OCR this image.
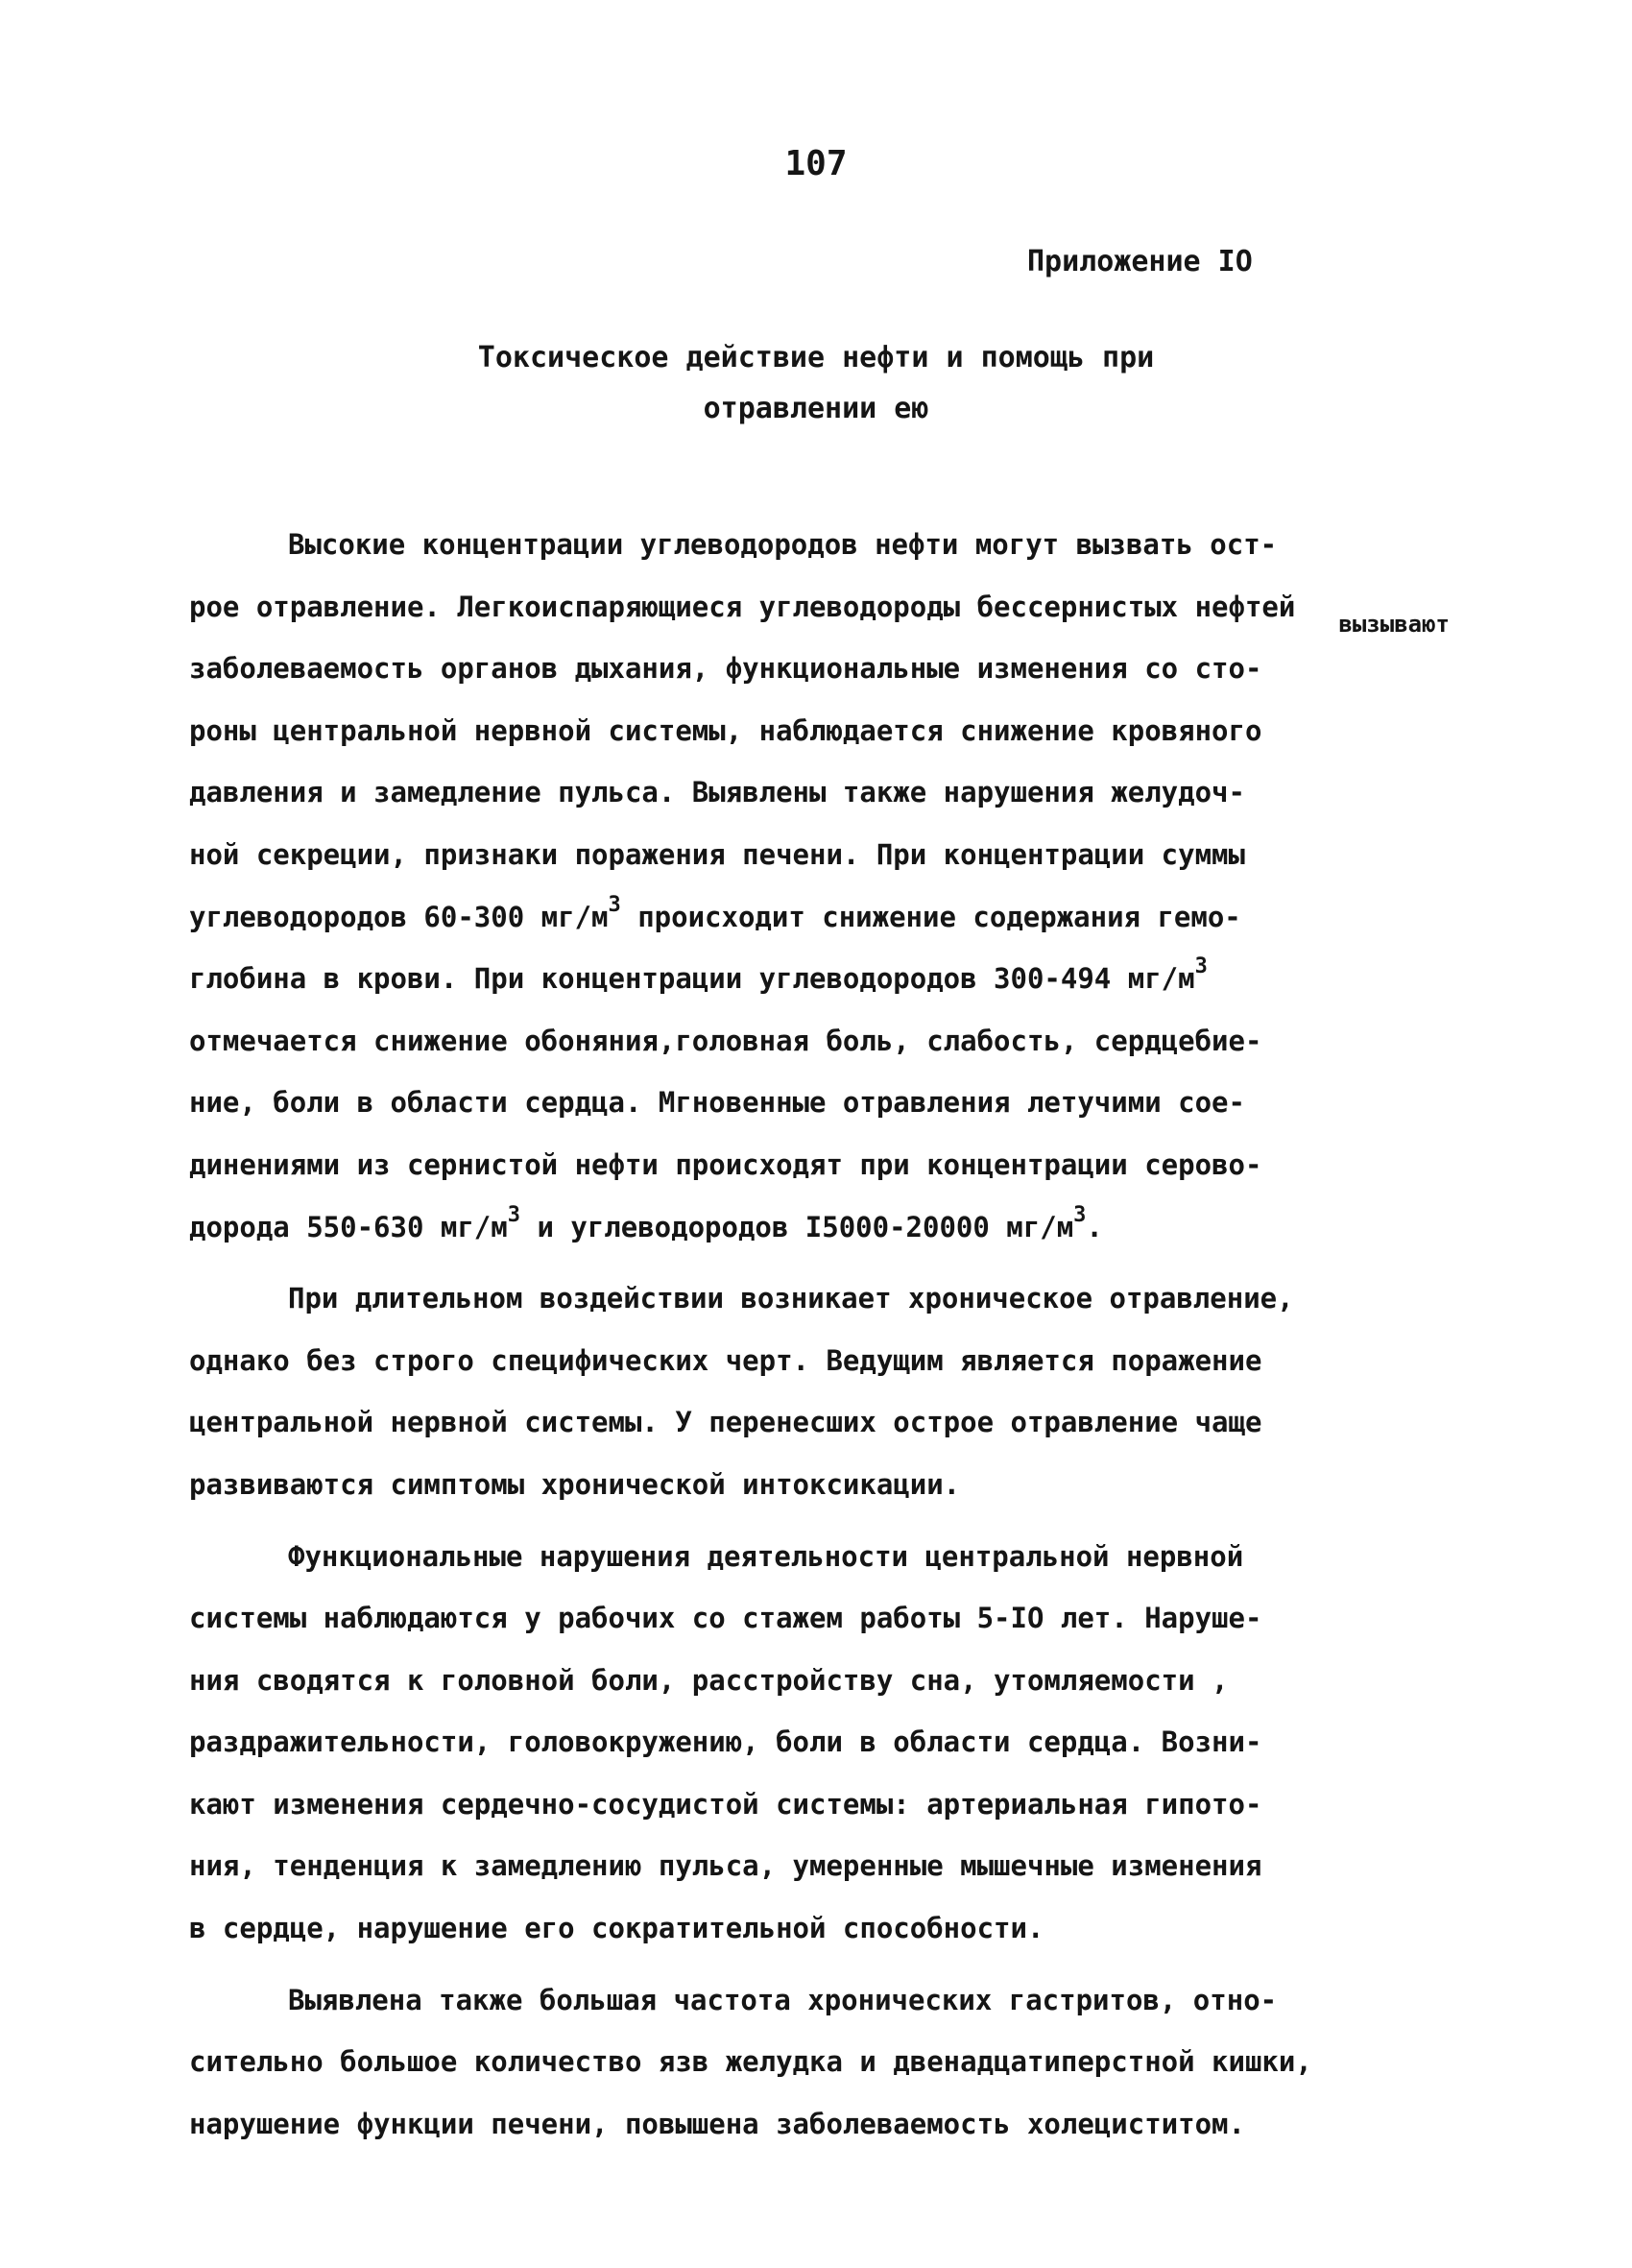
107
Приложение IO
Токсическое действие нефти и помощь при
отравлении ею
Высокие концентрации углеводородов нефти могут вызвать ост-
рое отравление. Легкоиспаряющиеся углеводороды бессернистых нефтей
заболеваемость органов дыхания, функциональные изменения со сто-
вызывают
роны центральной нервной системы, наблюдается снижение кровяного
давления и замедление пульса. Выявлены также нарушения желудоч-
ной секреции, признаки поражения печени. При концентрации суммы
углеводородов 60-300 $мг/м^3$ происходит снижение содержания гемо-
глобина в крови. При концентрации углеводородов 300-494 $мг/м^3$
отмечается снижение обоняния,головная боль, слабость, сердцебие-
ние, боли в области сердца. Мгновенные отравления летучими сое-
динениями из сернистой нефти происходят при концентрации серово-
дорода 550-630 $мг/м^3$ и углеводородов I5000-20000 $мг/м^3$.
При длительном воздействии возникает хроническое отравление,
однако без строго специфических черт. Ведущим является поражение
центральной нервной системы. У перенесших острое отравление чаще
развиваются симптомы хронической интоксикации.
Функциональные нарушения деятельности центральной нервной
системы наблюдаются у рабочих со стажем работы 5-IO лет. Наруше-
ния сводятся к головной боли, расстройству сна, утомляемости ,
раздражительности, головокружению, боли в области сердца. Возни-
кают изменения сердечно-сосудистой системы: артериальная гипото-
ния, тенденция к замедлению пульса, умеренные мышечные изменения
в сердце, нарушение его сократительной способности.
Выявлена также большая частота хронических гастритов, отно-
сительно большое количество язв желудка и двенадцатиперстной кишки,
нарушение функции печени, повышена заболеваемость холециститом.
